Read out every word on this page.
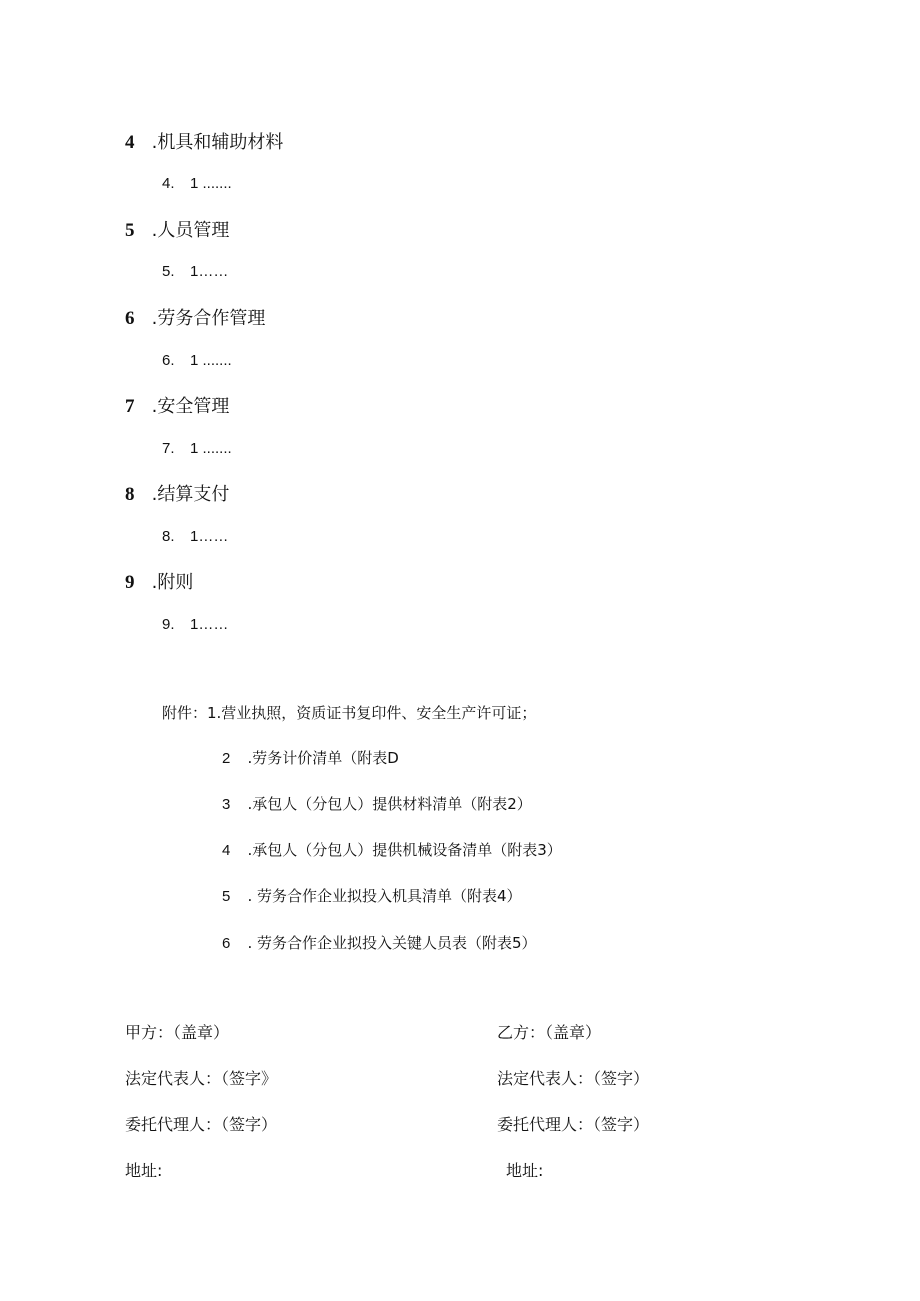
4 .机具和辅助材料
4. 1 .......
5 .人员管理
5. 1……
6 .劳务合作管理
6. 1 .......
7 .安全管理
7. 1 .......
8 .结算支付
8. 1……
9 .附则
9. 1……
附件：1.营业执照，资质证书复印件、安全生产许可证；
2 .劳务计价清单（附表D
3 .承包人（分包人）提供材料清单（附表2）
4 .承包人（分包人）提供机械设备清单（附表3）
5 . 劳务合作企业拟投入机具清单（附表4）
6 . 劳务合作企业拟投入关键人员表（附表5）
甲方：（盖章）
法定代表人：（签字》
委托代理人：（签字）
地址:
乙方：（盖章）
法定代表人：（签字）
委托代理人：（签字）
地址:
